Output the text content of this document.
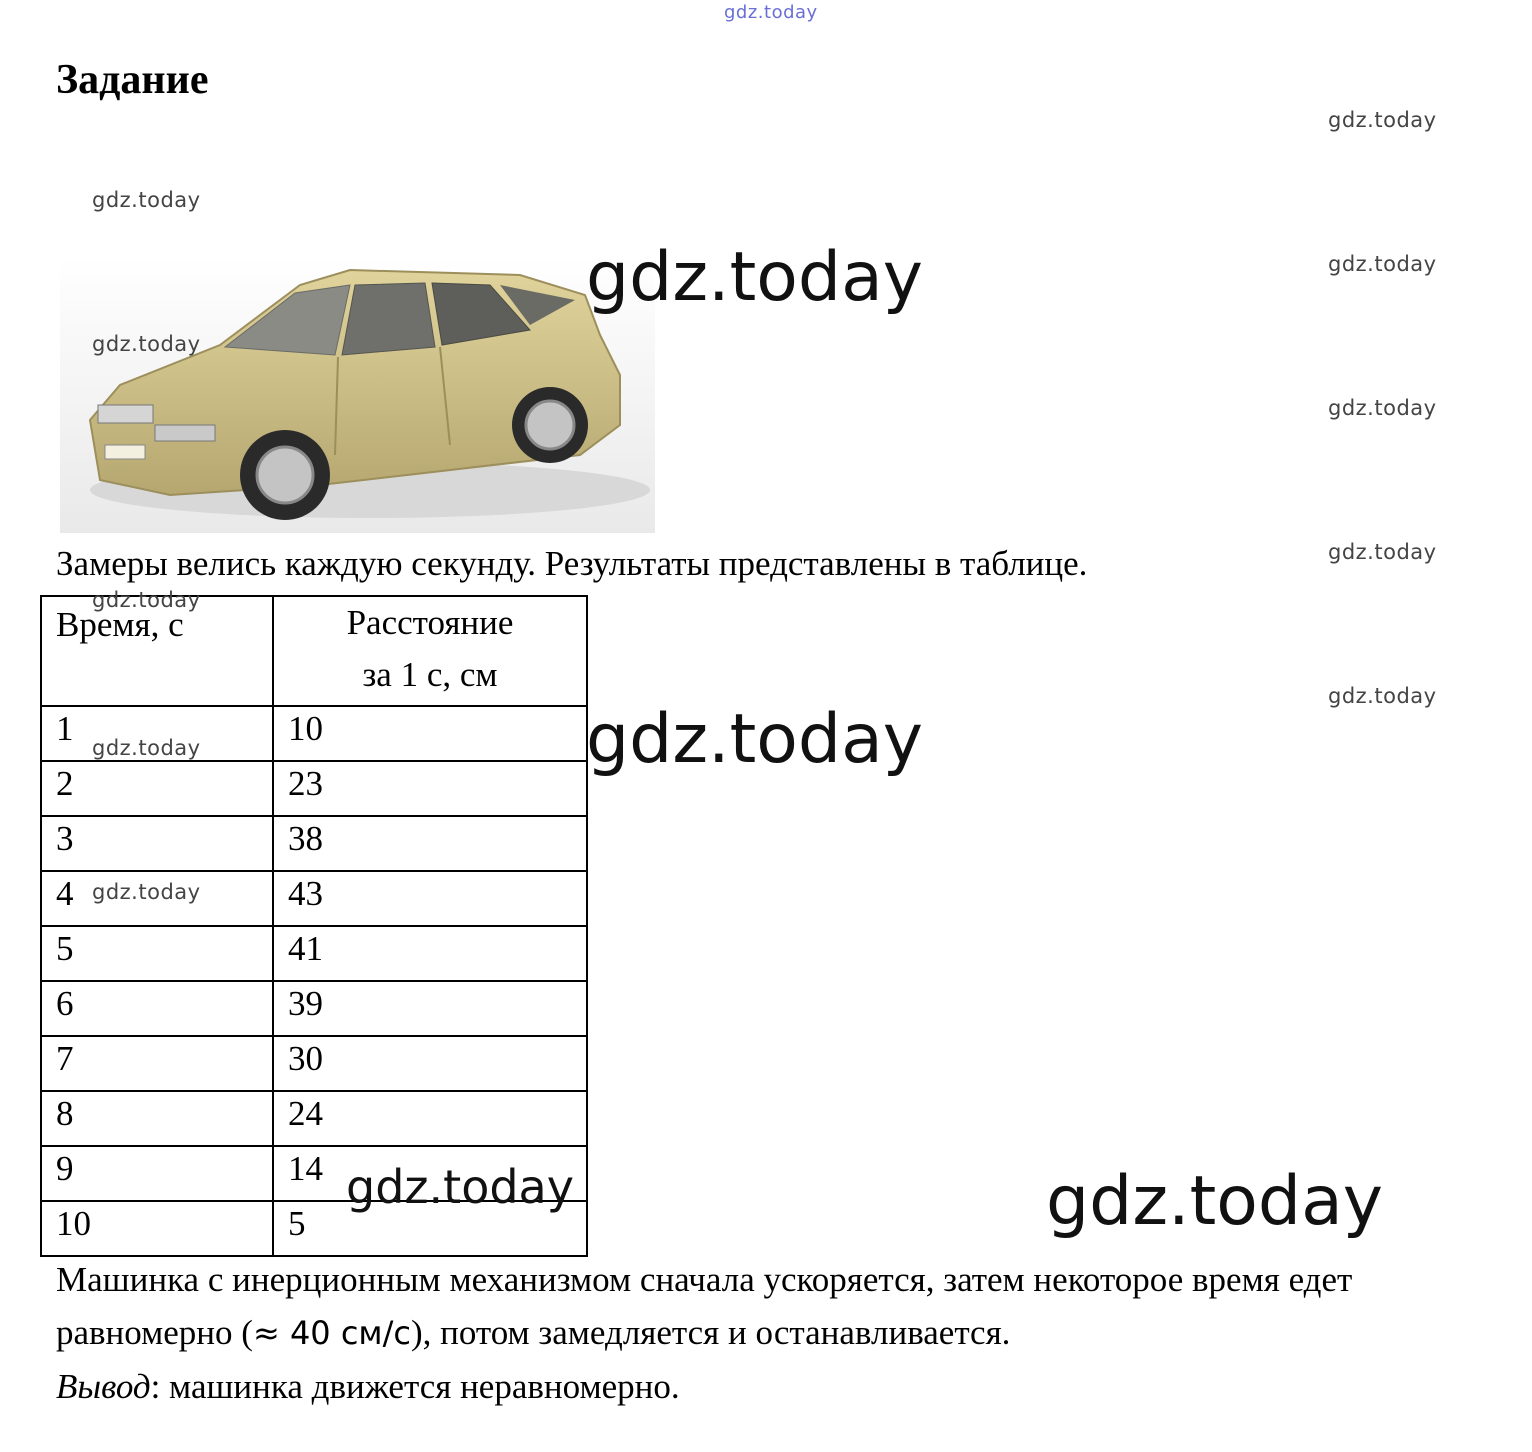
gdz.today
gdz.today
gdz.today
gdz.today
gdz.today
gdz.today
gdz.today
Задание
gdz.today
gdz.today
Замеры велись каждую секунду. Результаты представлены в таблице.
Время, с	Расстояние
за 1 с, см

1	10

2	23

3	38

4	43

5	41

6	39

7	30

8	24

9	14

10	5
gdz.today
gdz.today
gdz.today
gdz.today
gdz.today	gdz.today
Машинка с инерционным механизмом сначала ускоряется, затем некоторое время едет
равномерно (≈ 40 см/с), потом замедляется и останавливается.
Вывод: машинка движется неравномерно.
